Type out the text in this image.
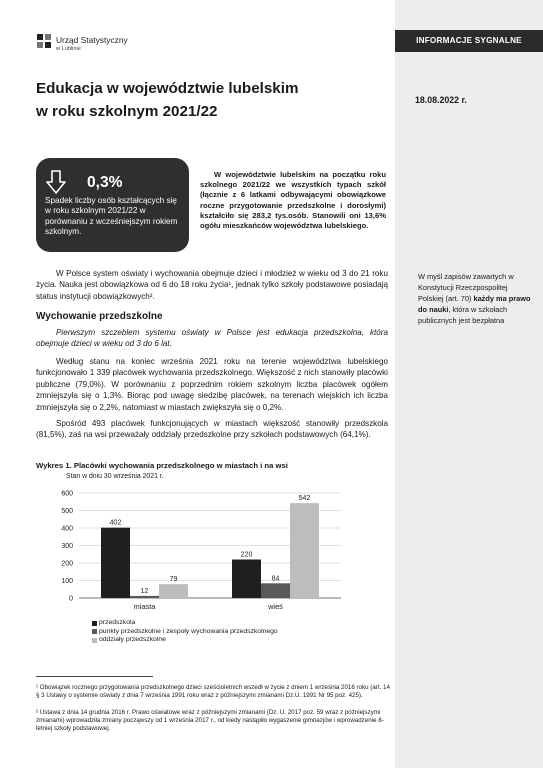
INFORMACJE SYGNALNE
18.08.2022 r.
W myśl zapisów zawartych w Konstytucji Rzeczpospolitej Polskiej (art. 70) każdy ma prawo do nauki, która w szkołach publicznych jest bezpłatna
Urząd Statystyczny
w Lublinie
Edukacja w województwie lubelskim
w roku szkolnym 2021/22
0,3%
Spadek liczby osób kształcących się w roku szkolnym 2021/22 w porównaniu z wcześniejszym rokiem szkolnym.
W województwie lubelskim na początku roku szkolnego 2021/22 we wszystkich typach szkół (łącznie z 6 latkami odbywającymi obowiązkowe roczne przygotowanie przedszkolne i dorosłymi) kształciło się 283,2 tys.osób. Stanowili oni 13,6% ogółu mieszkańców województwa lubelskiego.
W Polsce system oświaty i wychowania obejmuje dzieci i młodzież w wieku od 3 do 21 roku życia. Nauka jest obowiązkowa od 6 do 18 roku życia¹, jednak tylko szkoły podstawowe posiadają status instytucji obowiązkowych².
Wychowanie przedszkolne
Pierwszym szczeblem systemu oświaty w Polsce jest edukacja przedszkolna, która obejmuje dzieci w wieku od 3 do 6 lat.
Według stanu na koniec września 2021 roku na terenie województwa lubelskiego funkcjonowało 1 339 placówek wychowania przedszkolnego. Większość z nich stanowiły placówki publiczne (79,0%). W porównaniu z poprzednim rokiem szkolnym liczba placówek ogółem zmniejszyła się o 1,3%. Biorąc pod uwagę siedzibę placówek, na terenach wiejskich ich liczba zmniejszyła się o 2,2%, natomiast w miastach zwiększyła się o 0,2%.
Spośród 493 placówek funkcjonujących w miastach większość stanowiły przedszkola (81,5%), zaś na wsi przeważały oddziały przedszkolne przy szkołach podstawowych (64,1%).
Wykres 1. Placówki wychowania przedszkolnego w miastach i na wsi
Stan w dniu 30 września 2021 r.
0
100
200
300
400
500
600
402
12
79
miasta
220
84
542
wieś
przedszkola
punkty przedszkolne i zespoły wychowania przedszkolnego
oddziały przedszkolne
¹ Obowiązek rocznego przygotowania przedszkolnego dzieci sześcioletnich wszedł w życie z dniem 1 września 2016 roku (art. 14 § 3 Ustawy o systemie oświaty z dnia 7 września 1991 roku wraz z późniejszymi zmianami Dz.U. 1991 Nr 95 poz. 425).
² Ustawa z dnia 14 grudnia 2016 r. Prawo oświatowe wraz z późniejszymi zmianami (Dz. U. 2017 poz. 59 wraz z późniejszymi zmianami) wprowadziła zmiany począwszy od 1 września 2017 r., od kiedy nastąpiło wygaszenie gimnazjów i wprowadzenie 8-letniej szkoły podstawowej.
